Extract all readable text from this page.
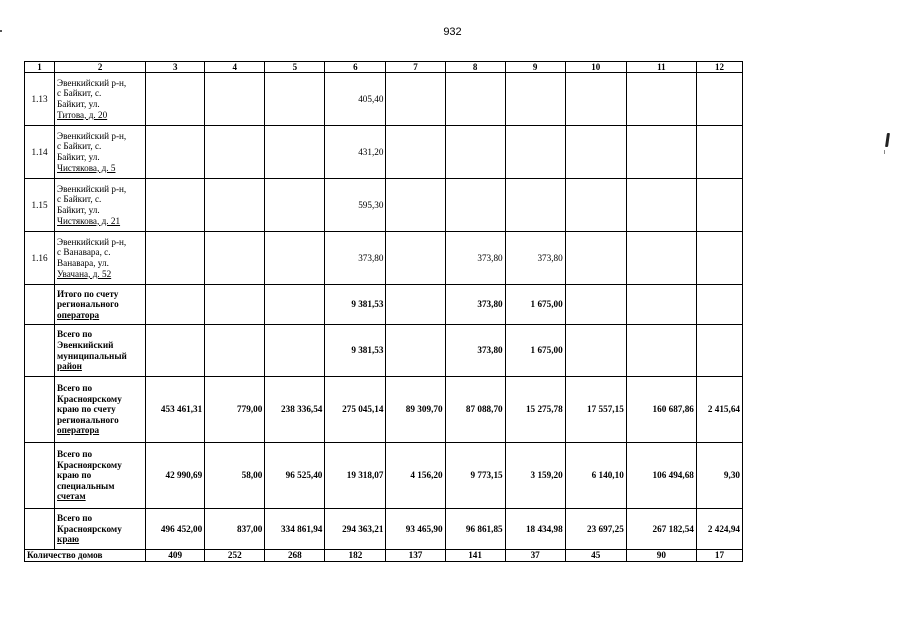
932
1	2	3	4	5	6	7	8	9	10	11	12
1.13	Эвенкийский р-н,
с Байкит, с.
Байкит, ул.
Титова, д. 20				405,40						
1.14	Эвенкийский р-н,
с Байкит, с.
Байкит, ул.
Чистякова, д. 5				431,20						
1.15	Эвенкийский р-н,
с Байкит, с.
Байкит, ул.
Чистякова, д. 21				595,30						
1.16	Эвенкийский р-н,
с Ванавара, с.
Ванавара, ул.
Увачана, д. 52				373,80		373,80	373,80			

	Итого по счету
регионального
оператора				9 381,53		373,80	1 675,00			

	Всего по
Эвенкийский
муниципальный
район				9 381,53		373,80	1 675,00			

	Всего по
Красноярскому
краю по счету
регионального
оператора	453 461,31	779,00	238 336,54	275 045,14	89 309,70	87 088,70	15 275,78	17 557,15	160 687,86	2 415,64

	Всего по
Красноярскому
краю по
специальным
счетам	42 990,69	58,00	96 525,40	19 318,07	4 156,20	9 773,15	3 159,20	6 140,10	106 494,68	9,30

	Всего по
Красноярскому
краю	496 452,00	837,00	334 861,94	294 363,21	93 465,90	96 861,85	18 434,98	23 697,25	267 182,54	2 424,94
Количество домов		409	252	268	182	137	141	37	45	90	17
